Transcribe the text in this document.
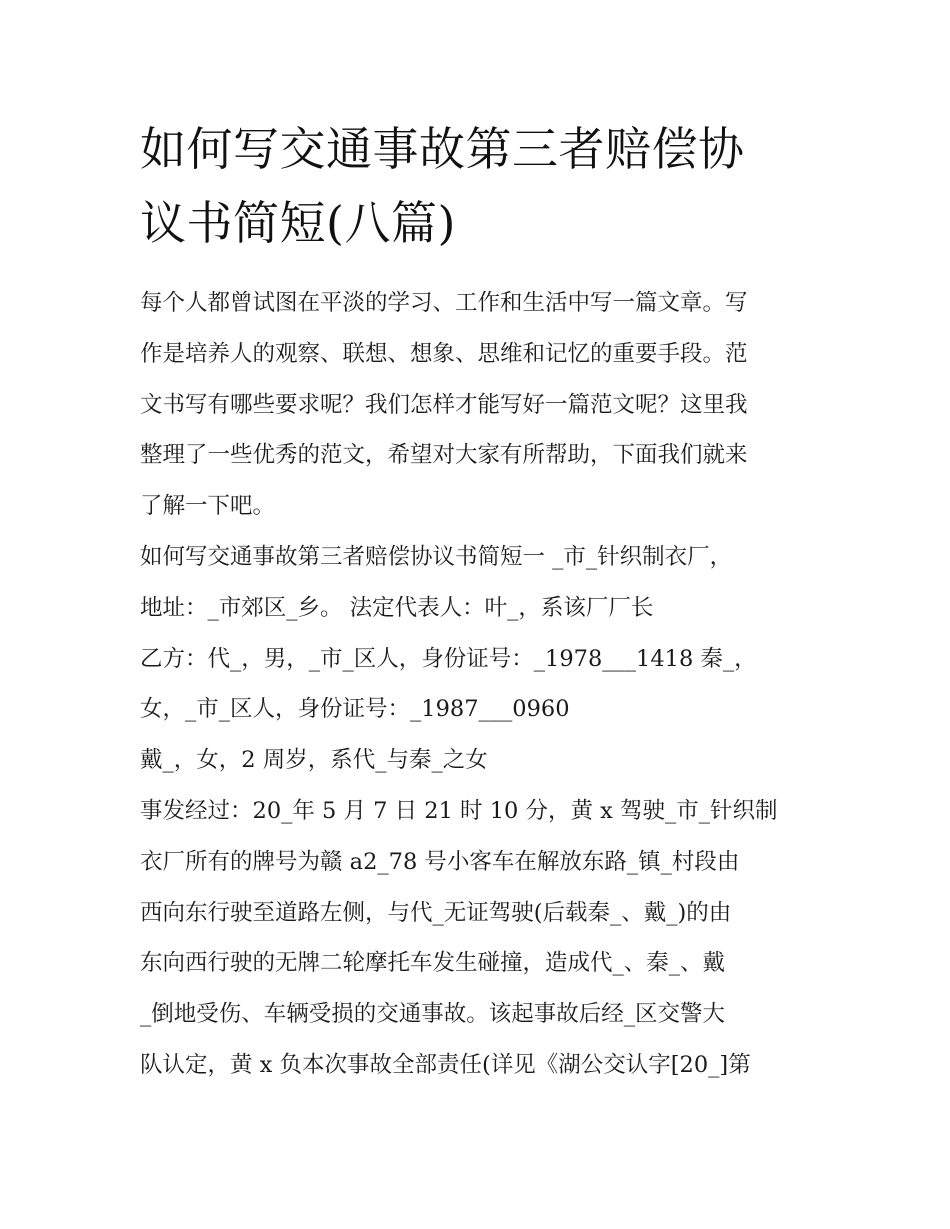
如何写交通事故第三者赔偿协
议书简短(八篇)
每个人都曾试图在平淡的学习、工作和生活中写一篇文章。写
作是培养人的观察、联想、想象、思维和记忆的重要手段。范
文书写有哪些要求呢？我们怎样才能写好一篇范文呢？这里我
整理了一些优秀的范文，希望对大家有所帮助，下面我们就来
了解一下吧。
如何写交通事故第三者赔偿协议书简短一 _市_针织制衣厂，
地址：_市郊区_乡。 法定代表人：叶_，系该厂厂长
乙方：代_，男，_市_区人，身份证号：_1978___1418 秦_，
女，_市_区人，身份证号：_1987___0960
戴_，女，2 周岁，系代_与秦_之女
事发经过：20_年 5 月 7 日 21 时 10 分，黄 x 驾驶_市_针织制
衣厂所有的牌号为赣 a2_78 号小客车在解放东路_镇_村段由
西向东行驶至道路左侧，与代_无证驾驶(后载秦_、戴_)的由
东向西行驶的无牌二轮摩托车发生碰撞，造成代_、秦_、戴
_倒地受伤、车辆受损的交通事故。该起事故后经_区交警大
队认定，黄 x 负本次事故全部责任(详见《湖公交认字[20_]第
